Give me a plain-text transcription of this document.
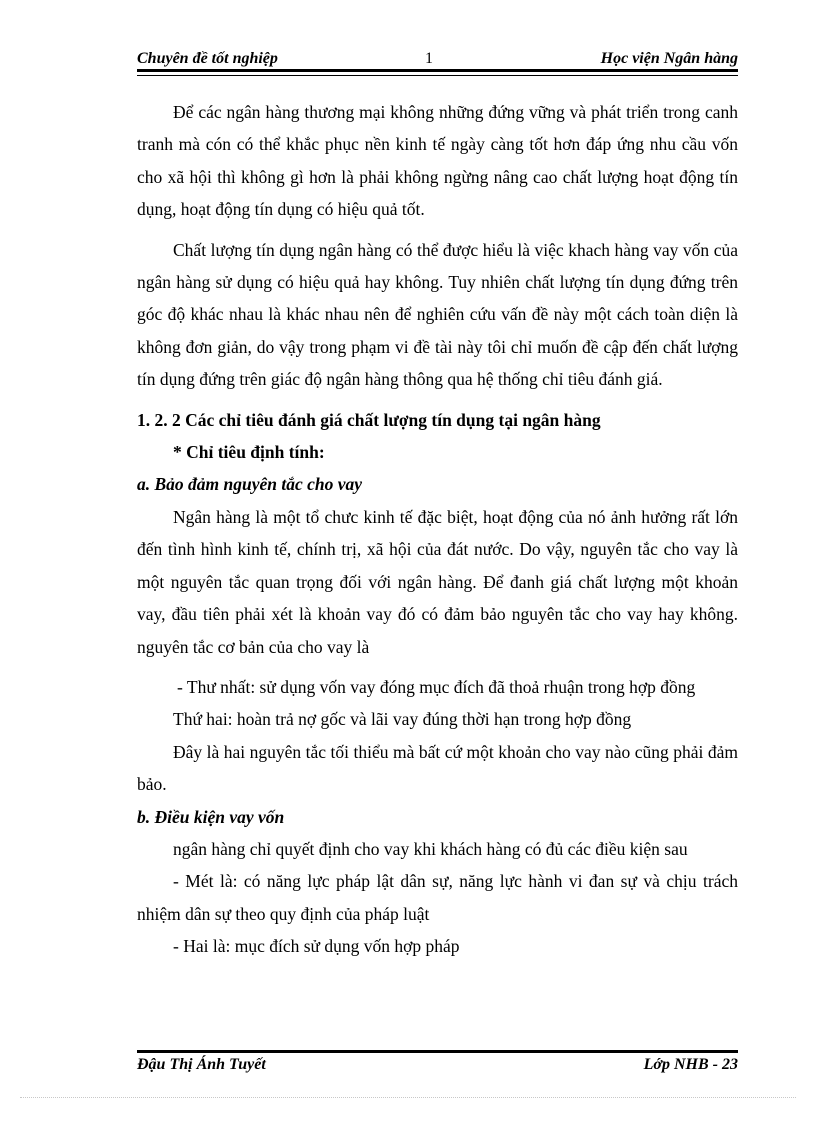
Chuyên đề tốt nghiệp	1	Học viện Ngân hàng

Để các ngân hàng thương mại không những đứng vững và phát triển trong canh tranh mà cón có thể khắc phục nền kinh tế ngày càng tốt hơn đáp ứng nhu cầu vốn cho xã hội thì không gì hơn là phải không ngừng nâng cao chất lượng hoạt động tín dụng, hoạt động tín dụng có hiệu quả tốt.

Chất lượng tín dụng ngân hàng có thể được hiểu là việc khach hàng vay vốn của ngân hàng sử dụng có hiệu quả hay không. Tuy nhiên chất lượng tín dụng đứng trên góc độ khác nhau là khác nhau nên để nghiên cứu vấn đề này một cách toàn diện là không đơn giản, do vậy trong phạm vi đề tài này tôi chỉ muốn đề cập đến chất lượng tín dụng đứng trên giác độ ngân hàng thông qua hệ thống chỉ tiêu đánh giá.

1. 2. 2 Các chỉ tiêu đánh giá chất lượng tín dụng tại ngân hàng

* Chỉ tiêu định tính:

a. Bảo đảm nguyên tắc cho vay

Ngân hàng là một tổ chưc kinh tế đặc biệt, hoạt động của nó ảnh hưởng rất lớn đến tình hình kinh tế, chính trị, xã hội của đát nước. Do vậy, nguyên tắc cho vay là một nguyên tắc quan trọng đối với ngân hàng. Để đanh giá chất lượng một khoản vay, đầu tiên phải xét là khoản vay đó có đảm bảo nguyên tắc cho vay hay không. nguyên tắc cơ bản của cho vay là

- Thư nhất: sử dụng vốn vay đóng mục đích đã thoả rhuận trong hợp đồng

Thứ hai: hoàn trả nợ gốc và lãi vay đúng thời hạn trong hợp đồng

Đây là hai nguyên tắc tối thiểu mà bất cứ một khoản cho vay nào cũng phải đảm bảo.

b. Điều kiện vay vốn

ngân hàng chỉ quyết định cho vay khi khách hàng có đủ các điều kiện sau

- Mét là: có năng lực pháp lật dân sự, năng lực hành vi đan sự và chịu trách nhiệm dân sự theo quy định của pháp luật

- Hai là: mục đích sử dụng vốn hợp pháp

Đậu Thị Ánh Tuyết	Lớp NHB - 23
